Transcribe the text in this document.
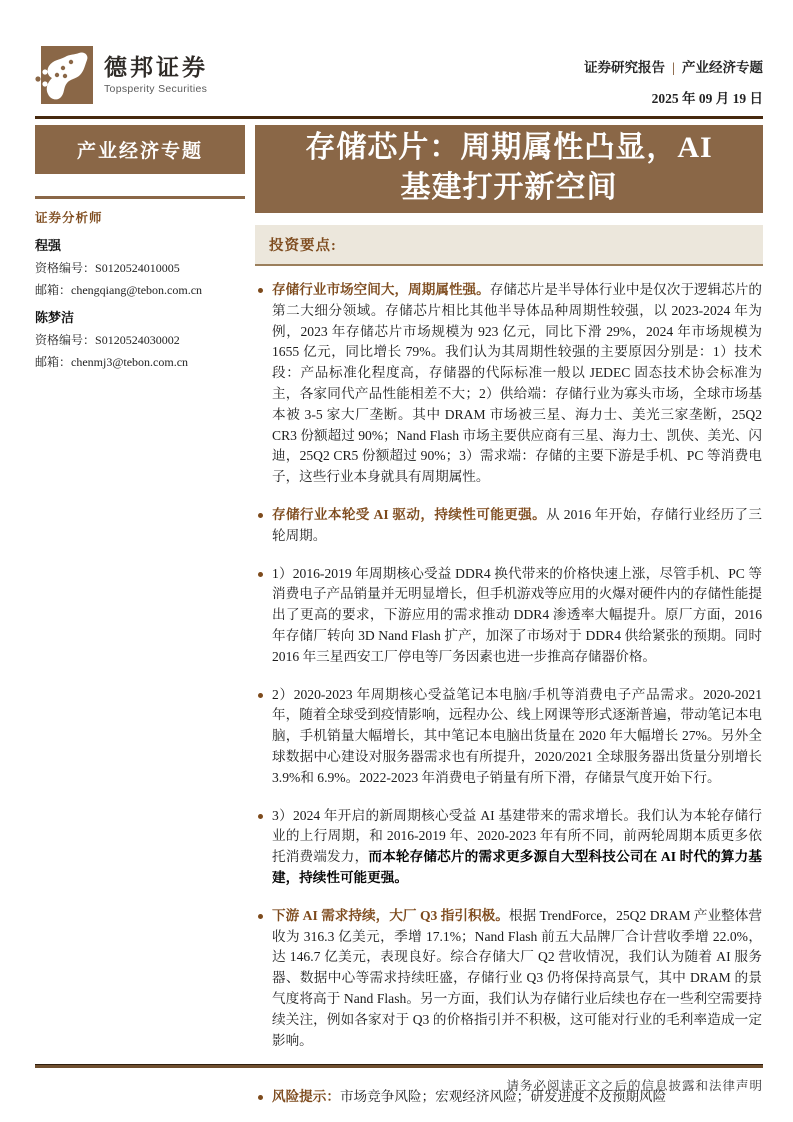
德邦证券
Topsperity Securities
证券研究报告 | 产业经济专题
2025 年 09 月 19 日
产业经济专题
证券分析师
程强
资格编号：S0120524010005
邮箱：chengqiang@tebon.com.cn
陈梦洁
资格编号：S0120524030002
邮箱：chenmj3@tebon.com.cn
存储芯片：周期属性凸显，AI
基建打开新空间
投资要点:

存储行业市场空间大，周期属性强。存储芯片是半导体行业中是仅次于逻辑芯片的第二大细分领域。存储芯片相比其他半导体品种周期性较强，以 2023-2024 年为例，2023 年存储芯片市场规模为 923 亿元，同比下滑 29%，2024 年市场规模为 1655 亿元，同比增长 79%。我们认为其周期性较强的主要原因分别是：1）技术段：产品标准化程度高，存储器的代际标准一般以 JEDEC 固态技术协会标准为主，各家同代产品性能相差不大；2）供给端：存储行业为寡头市场，全球市场基本被 3-5 家大厂垄断。其中 DRAM 市场被三星、海力士、美光三家垄断，25Q2 CR3 份额超过 90%；Nand Flash 市场主要供应商有三星、海力士、凯侠、美光、闪迪，25Q2 CR5 份额超过 90%；3）需求端：存储的主要下游是手机、PC 等消费电子，这些行业本身就具有周期属性。

存储行业本轮受 AI 驱动，持续性可能更强。从 2016 年开始，存储行业经历了三轮周期。

1）2016-2019 年周期核心受益 DDR4 换代带来的价格快速上涨，尽管手机、PC 等消费电子产品销量并无明显增长，但手机游戏等应用的火爆对硬件内的存储性能提出了更高的要求，下游应用的需求推动 DDR4 渗透率大幅提升。原厂方面，2016 年存储厂转向 3D Nand Flash 扩产，加深了市场对于 DDR4 供给紧张的预期。同时 2016 年三星西安工厂停电等厂务因素也进一步推高存储器价格。

2）2020-2023 年周期核心受益笔记本电脑/手机等消费电子产品需求。2020-2021 年，随着全球受到疫情影响，远程办公、线上网课等形式逐渐普遍，带动笔记本电脑，手机销量大幅增长，其中笔记本电脑出货量在 2020 年大幅增长 27%。另外全球数据中心建设对服务器需求也有所提升，2020/2021 全球服务器出货量分别增长 3.9%和 6.9%。2022-2023 年消费电子销量有所下滑，存储景气度开始下行。

3）2024 年开启的新周期核心受益 AI 基建带来的需求增长。我们认为本轮存储行业的上行周期，和 2016-2019 年、2020-2023 年有所不同，前两轮周期本质更多依托消费端发力，而本轮存储芯片的需求更多源自大型科技公司在 AI 时代的算力基建，持续性可能更强。

下游 AI 需求持续，大厂 Q3 指引积极。根据 TrendForce，25Q2 DRAM 产业整体营收为 316.3 亿美元，季增 17.1%；Nand Flash 前五大品牌厂合计营收季增 22.0%，达 146.7 亿美元，表现良好。综合存储大厂 Q2 营收情况，我们认为随着 AI 服务器、数据中心等需求持续旺盛，存储行业 Q3 仍将保持高景气，其中 DRAM 的景气度将高于 Nand Flash。另一方面，我们认为存储行业后续也存在一些利空需要持续关注，例如各家对于 Q3 的价格指引并不积极，这可能对行业的毛利率造成一定影响。

风险提示：市场竞争风险；宏观经济风险；研发进度不及预期风险

请务必阅读正文之后的信息披露和法律声明
